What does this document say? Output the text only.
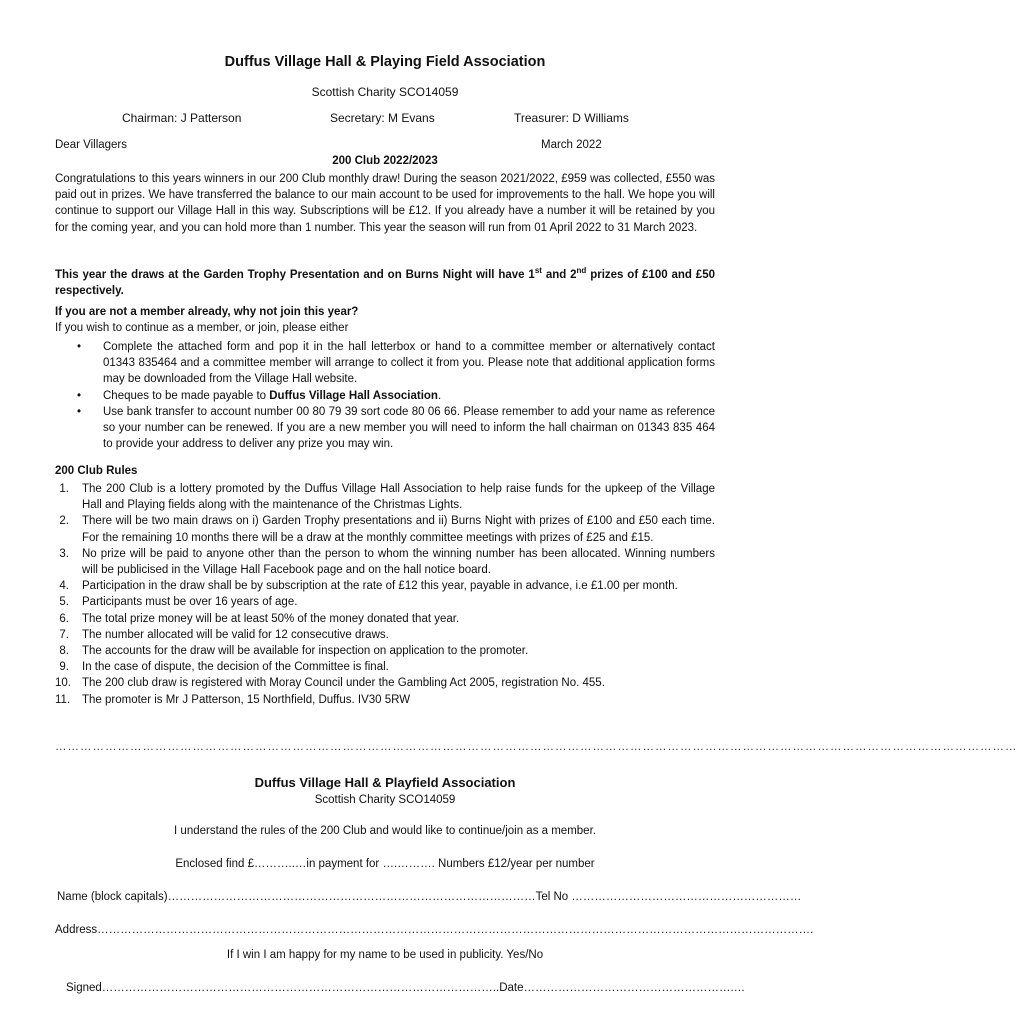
Duffus Village Hall & Playing Field Association
Scottish Charity SCO14059
Chairman: J Patterson	Secretary: M Evans	Treasurer: D Williams
Dear Villagers	March 2022
200 Club 2022/2023
Congratulations to this years winners in our 200 Club monthly draw! During the season 2021/2022, £959 was collected, £550 was paid out in prizes. We have transferred the balance to our main account to be used for improvements to the hall. We hope you will continue to support our Village Hall in this way. Subscriptions will be £12. If you already have a number it will be retained by you for the coming year, and you can hold more than 1 number. This year the season will run from 01 April 2022 to 31 March 2023.
This year the draws at the Garden Trophy Presentation and on Burns Night will have 1st and 2nd prizes of £100 and £50 respectively.
If you are not a member already, why not join this year?
If you wish to continue as a member, or join, please either
• Complete the attached form and pop it in the hall letterbox or hand to a committee member or alternatively contact 01343 835464 and a committee member will arrange to collect it from you. Please note that additional application forms may be downloaded from the Village Hall website.
• Cheques to be made payable to Duffus Village Hall Association.
• Use bank transfer to account number 00 80 79 39 sort code 80 06 66. Please remember to add your name as reference so your number can be renewed. If you are a new member you will need to inform the hall chairman on 01343 835 464 to provide your address to deliver any prize you may win.
200 Club Rules
1. The 200 Club is a lottery promoted by the Duffus Village Hall Association to help raise funds for the upkeep of the Village Hall and Playing fields along with the maintenance of the Christmas Lights.
2. There will be two main draws on i) Garden Trophy presentations and ii) Burns Night with prizes of £100 and £50 each time. For the remaining 10 months there will be a draw at the monthly committee meetings with prizes of £25 and £15.
3. No prize will be paid to anyone other than the person to whom the winning number has been allocated. Winning numbers will be publicised in the Village Hall Facebook page and on the hall notice board.
4. Participation in the draw shall be by subscription at the rate of £12 this year, payable in advance, i.e £1.00 per month.
5. Participants must be over 16 years of age.
6. The total prize money will be at least 50% of the money donated that year.
7. The number allocated will be valid for 12 consecutive draws.
8. The accounts for the draw will be available for inspection on application to the promoter.
9. In the case of dispute, the decision of the Committee is final.
10. The 200 club draw is registered with Moray Council under the Gambling Act 2005, registration No. 455.
11. The promoter is Mr J Patterson, 15 Northfield, Duffus. IV30 5RW
……………………………………………………………………………………………………………………………………………………………………………………………………………
Duffus Village Hall & Playfield Association
Scottish Charity SCO14059
I understand the rules of the 200 Club and would like to continue/join as a member.
Enclosed find £………..…in payment for ….………. Numbers £12/year per number
Name (block capitals)……………………………………………………………………………………Tel No ……………………………………………………
Address…………………………………………………………………………………………………………………………………………………………………….
If I win I am happy for my name to be used in publicity. Yes/No
Signed…………………………………………………………………………………………..Date……………………………………………….…
